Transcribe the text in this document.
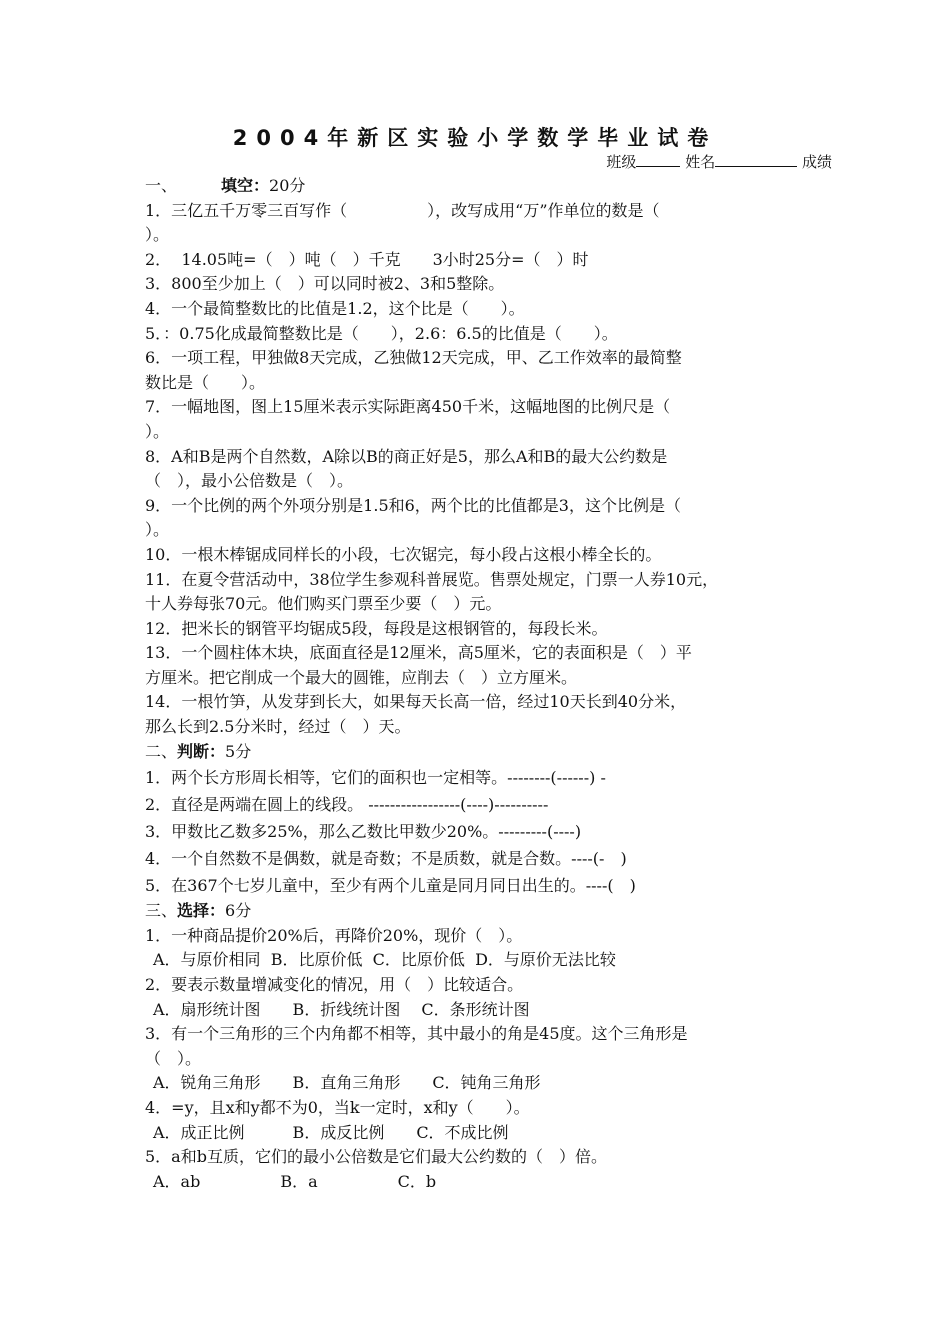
2004年新区实验小学数学毕业试卷
班级	姓名	成绩
一、	填空：20分
1．三亿五千万零三百写作（　　　　　），改写成用“万”作单位的数是（
）。
2．  14.05吨=（　）吨（　）千克　　3小时25分=（　）时
3．800至少加上（　）可以同时被2、3和5整除。
4．一个最简整数比的比值是1.2，这个比是（　　）。
5．：0.75化成最简整数比是（　　），2.6：6.5的比值是（　　）。
6．一项工程，甲独做8天完成，乙独做12天完成，甲、乙工作效率的最简整
数比是（　　）。
7．一幅地图，图上15厘米表示实际距离450千米，这幅地图的比例尺是（
）。
8．A和B是两个自然数，A除以B的商正好是5，那么A和B的最大公约数是
（　），最小公倍数是（　）。
9．一个比例的两个外项分别是1.5和6，两个比的比值都是3，这个比例是（
）。
10．一根木棒锯成同样长的小段，七次锯完，每小段占这根小棒全长的。
11．在夏令营活动中，38位学生参观科普展览。售票处规定，门票一人券10元，
十人券每张70元。他们购买门票至少要（　）元。
12．把米长的钢管平均锯成5段，每段是这根钢管的，每段长米。
13．一个圆柱体木块，底面直径是12厘米，高5厘米，它的表面积是（　）平
方厘米。把它削成一个最大的圆锥，应削去（　）立方厘米。
14．一根竹笋，从发芽到长大，如果每天长高一倍，经过10天长到40分米，
那么长到2.5分米时，经过（　）天。
二、判断：5分
1．两个长方形周长相等，它们的面积也一定相等。--------(------) -
2．直径是两端在圆上的线段。 -----------------(----)----------
3．甲数比乙数多25%，那么乙数比甲数少20%。---------(----)
4．一个自然数不是偶数，就是奇数；不是质数，就是合数。----(-　)
5．在367个七岁儿童中，至少有两个儿童是同月同日出生的。----(　)
三、选择：6分
1．一种商品提价20%后，再降价20%，现价（　）。
A．与原价相同  B．比原价低  C．比原价低  D．与原价无法比较
2．要表示数量增减变化的情况，用（　）比较适合。
A．扇形统计图　　B．折线统计图　 C．条形统计图
3．有一个三角形的三个内角都不相等，其中最小的角是45度。这个三角形是
（　）。
A．锐角三角形　　B．直角三角形　　C．钝角三角形
4．=y，且x和y都不为0，当k一定时，x和y（　　）。
A．成正比例　　　B．成反比例　　C．不成比例
5．a和b互质，它们的最小公倍数是它们最大公约数的（　）倍。
A．ab　　　　　B．a　　　　　C．b
